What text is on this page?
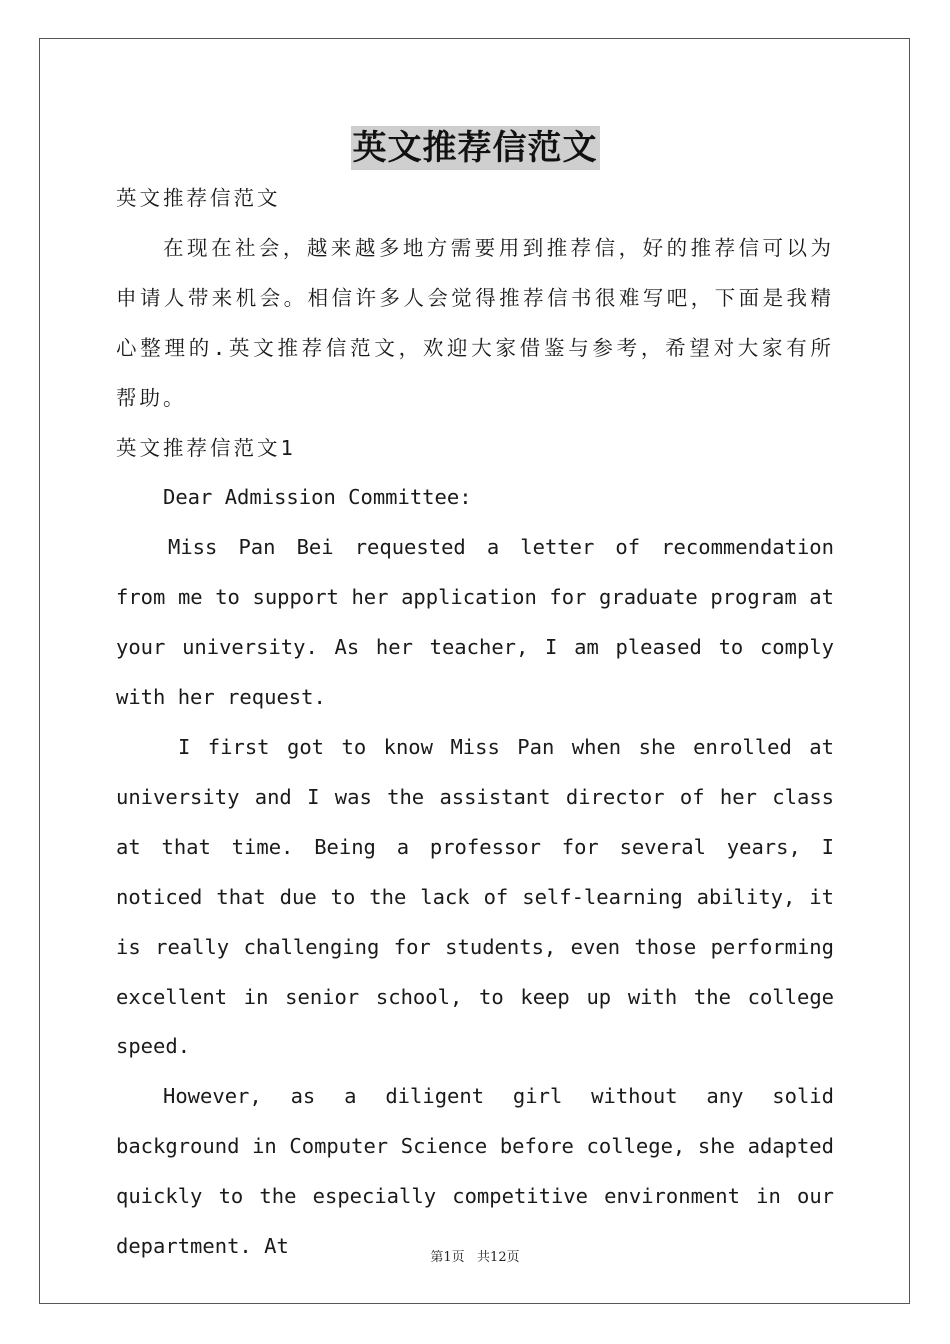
英文推荐信范文

英文推荐信范文

在现在社会，越来越多地方需要用到推荐信，好的推荐信可以为申请人带来机会。相信许多人会觉得推荐信书很难写吧，下面是我精心整理的.英文推荐信范文，欢迎大家借鉴与参考，希望对大家有所帮助。

英文推荐信范文1

Dear Admission Committee:

Miss Pan Bei requested a letter of recommendation from me to support her application for graduate program at your university. As her teacher, I am pleased to comply with her request.

I first got to know Miss Pan when she enrolled at university and I was the assistant director of her class at that time. Being a professor for several years, I noticed that due to the lack of self-learning ability, it is really challenging for students, even those performing excellent in senior school, to keep up with the college speed.

However, as a diligent girl without any solid background in Computer Science before college, she adapted quickly to the especially competitive environment in our department. At	第1页   共12页
